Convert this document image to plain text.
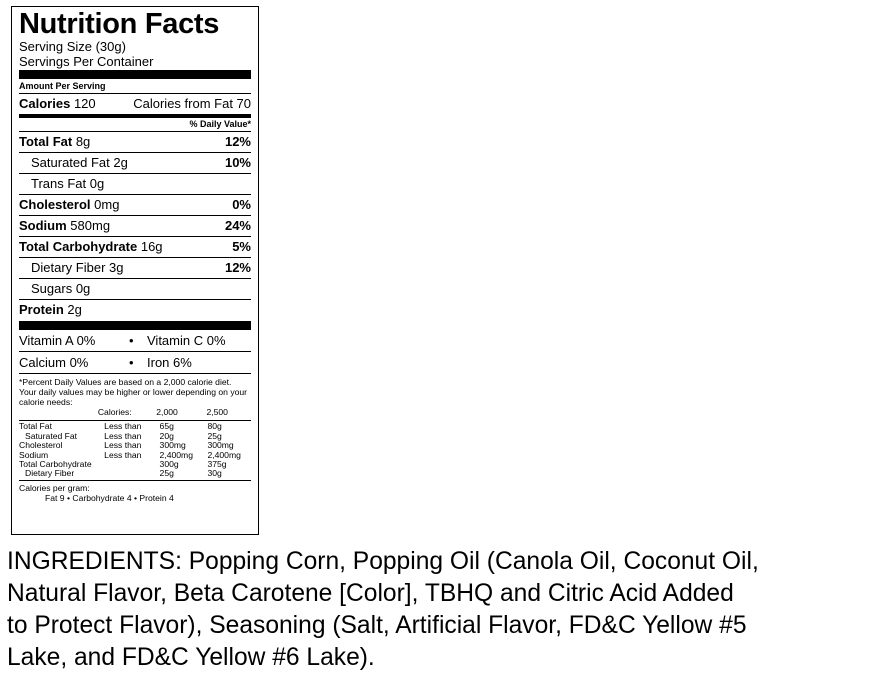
Nutrition Facts
Serving Size (30g)
Servings Per Container
Amount Per Serving
Calories 120	Calories from Fat 70
% Daily Value*
Total Fat 8g	12%
Saturated Fat 2g	10%
Trans Fat 0g
Cholesterol 0mg	0%
Sodium 580mg	24%
Total Carbohydrate 16g	5%
Dietary Fiber 3g	12%
Sugars 0g
Protein 2g
Vitamin A 0%	•	Vitamin C 0%
Calcium 0%	•	Iron 6%
*Percent Daily Values are based on a 2,000 calorie diet. Your daily values may be higher or lower depending on your calorie needs:
	Calories:	2,000	2,500
Total Fat	Less than	65g	80g
Saturated Fat	Less than	20g	25g
Cholesterol	Less than	300mg	300mg
Sodium	Less than	2,400mg	2,400mg
Total Carbohydrate		300g	375g
Dietary Fiber		25g	30g
Calories per gram:
Fat 9 • Carbohydrate 4 • Protein 4
INGREDIENTS: Popping Corn, Popping Oil (Canola Oil, Coconut Oil,
Natural Flavor, Beta Carotene [Color], TBHQ and Citric Acid Added
to Protect Flavor), Seasoning (Salt, Artificial Flavor, FD&C Yellow #5
Lake, and FD&C Yellow #6 Lake).
